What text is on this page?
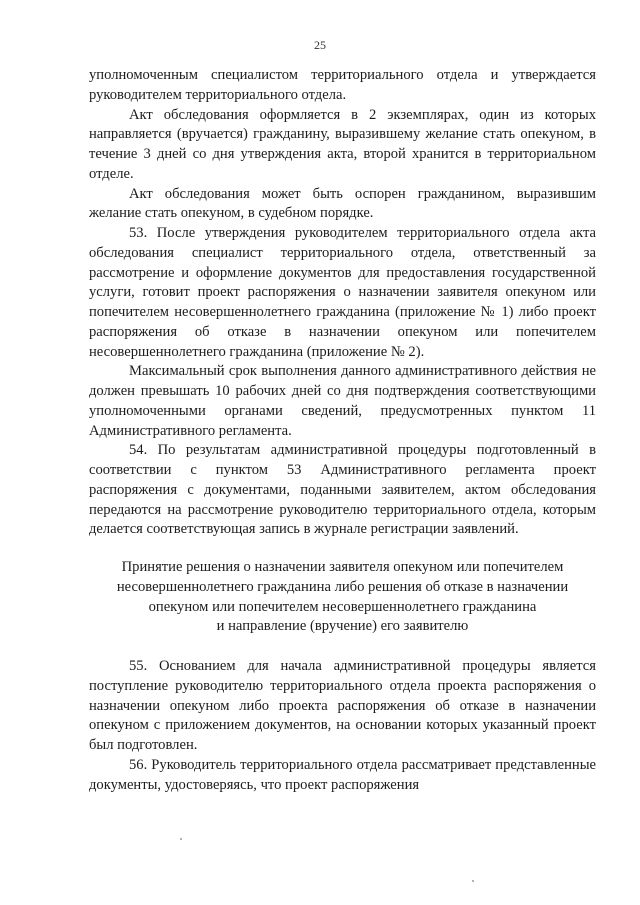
25

уполномоченным специалистом территориального отдела и утверждается руководителем территориального отдела.

Акт обследования оформляется в 2 экземплярах, один из которых направляется (вручается) гражданину, выразившему желание стать опекуном, в течение 3 дней со дня утверждения акта, второй хранится в территориальном отделе.

Акт обследования может быть оспорен гражданином, выразившим желание стать опекуном, в судебном порядке.

53. После утверждения руководителем территориального отдела акта обследования специалист территориального отдела, ответственный за рассмотрение и оформление документов для предоставления государственной услуги, готовит проект распоряжения о назначении заявителя опекуном или попечителем несовершеннолетнего гражданина (приложение № 1) либо проект распоряжения об отказе в назначении опекуном или попечителем несовершеннолетнего гражданина (приложение № 2).

Максимальный срок выполнения данного административного действия не должен превышать 10 рабочих дней со дня подтверждения соответствующими уполномоченными органами сведений, предусмотренных пунктом 11 Административного регламента.

54. По результатам административной процедуры подготовленный в соответствии с пунктом 53 Административного регламента проект распоряжения с документами, поданными заявителем, актом обследования передаются на рассмотрение руководителю территориального отдела, которым делается соответствующая запись в журнале регистрации заявлений.

Принятие решения о назначении заявителя опекуном или попечителем
несовершеннолетнего гражданина либо решения об отказе в назначении
опекуном или попечителем несовершеннолетнего гражданина
и направление (вручение) его заявителю

55. Основанием для начала административной процедуры является поступление руководителю территориального отдела проекта распоряжения о назначении опекуном либо проекта распоряжения об отказе в назначении опекуном с приложением документов, на основании которых указанный проект был подготовлен.

56. Руководитель территориального отдела рассматривает представленные документы, удостоверяясь, что проект распоряжения
